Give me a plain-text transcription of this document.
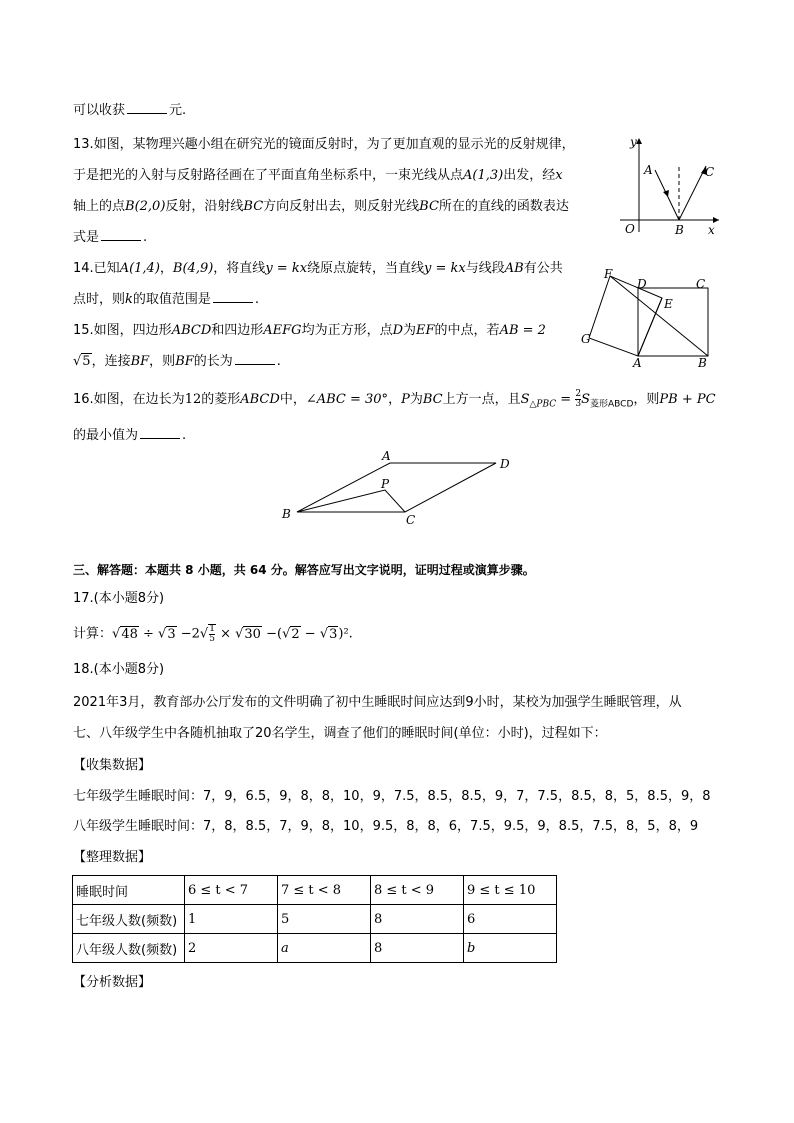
可以收获	元.
13.如图，某物理兴趣小组在研究光的镜面反射时，为了更加直观的显示光的反射规律，
于是把光的入射与反射路径画在了平面直角坐标系中，一束光线从点A(1,3)出发，经x
轴上的点B(2,0)反射，沿射线BC方向反射出去，则反射光线BC所在的直线的函数表达
式是	.
y
x
O
A
B
C
14.已知A(1,4)，B(4,9)，将直线y = kx绕原点旋转，当直线y = kx与线段AB有公共
点时，则k的取值范围是	.
15.如图，四边形ABCD和四边形AEFG均为正方形，点D为EF的中点，若AB = 2
√5，连接BF，则BF的长为	.
F
D	C
E
G
A	B
16.如图，在边长为12的菱形ABCD中，∠ABC = 30°，P为BC上方一点，且$S_{\triangle PBC} = \frac{2}{3} S_{菱形ABCD}$，则PB + PC
的最小值为	.
A
D
P
B	C
三、解答题：本题共 8 小题，共 64 分。解答应写出文字说明，证明过程或演算步骤。
17.(本小题8分)
计算：$√48 \div √3 -2√ \frac{1}{5} \times √30 -(√2 - √3)^2$.
18.(本小题8分)
2021年3月，教育部办公厅发布的文件明确了初中生睡眠时间应达到9小时，某校为加强学生睡眠管理，从
七、八年级学生中各随机抽取了20名学生，调查了他们的睡眠时间(单位：小时)，过程如下：
【收集数据】
七年级学生睡眠时间：7，9，6.5，9，8，8，10，9，7.5，8.5，8.5，9，7，7.5，8.5，8，5，8.5，9，8
八年级学生睡眠时间：7，8，8.5，7，9，8，10，9.5，8，8，6，7.5，9.5，9，8.5，7.5，8，5，8，9
【整理数据】
睡眠时间	6 ≤ t < 7	7 ≤ t < 8	8 ≤ t < 9	9 ≤ t ≤ 10
七年级人数(频数)	1	5	8	6
八年级人数(频数)	2	a	8	b
【分析数据】
